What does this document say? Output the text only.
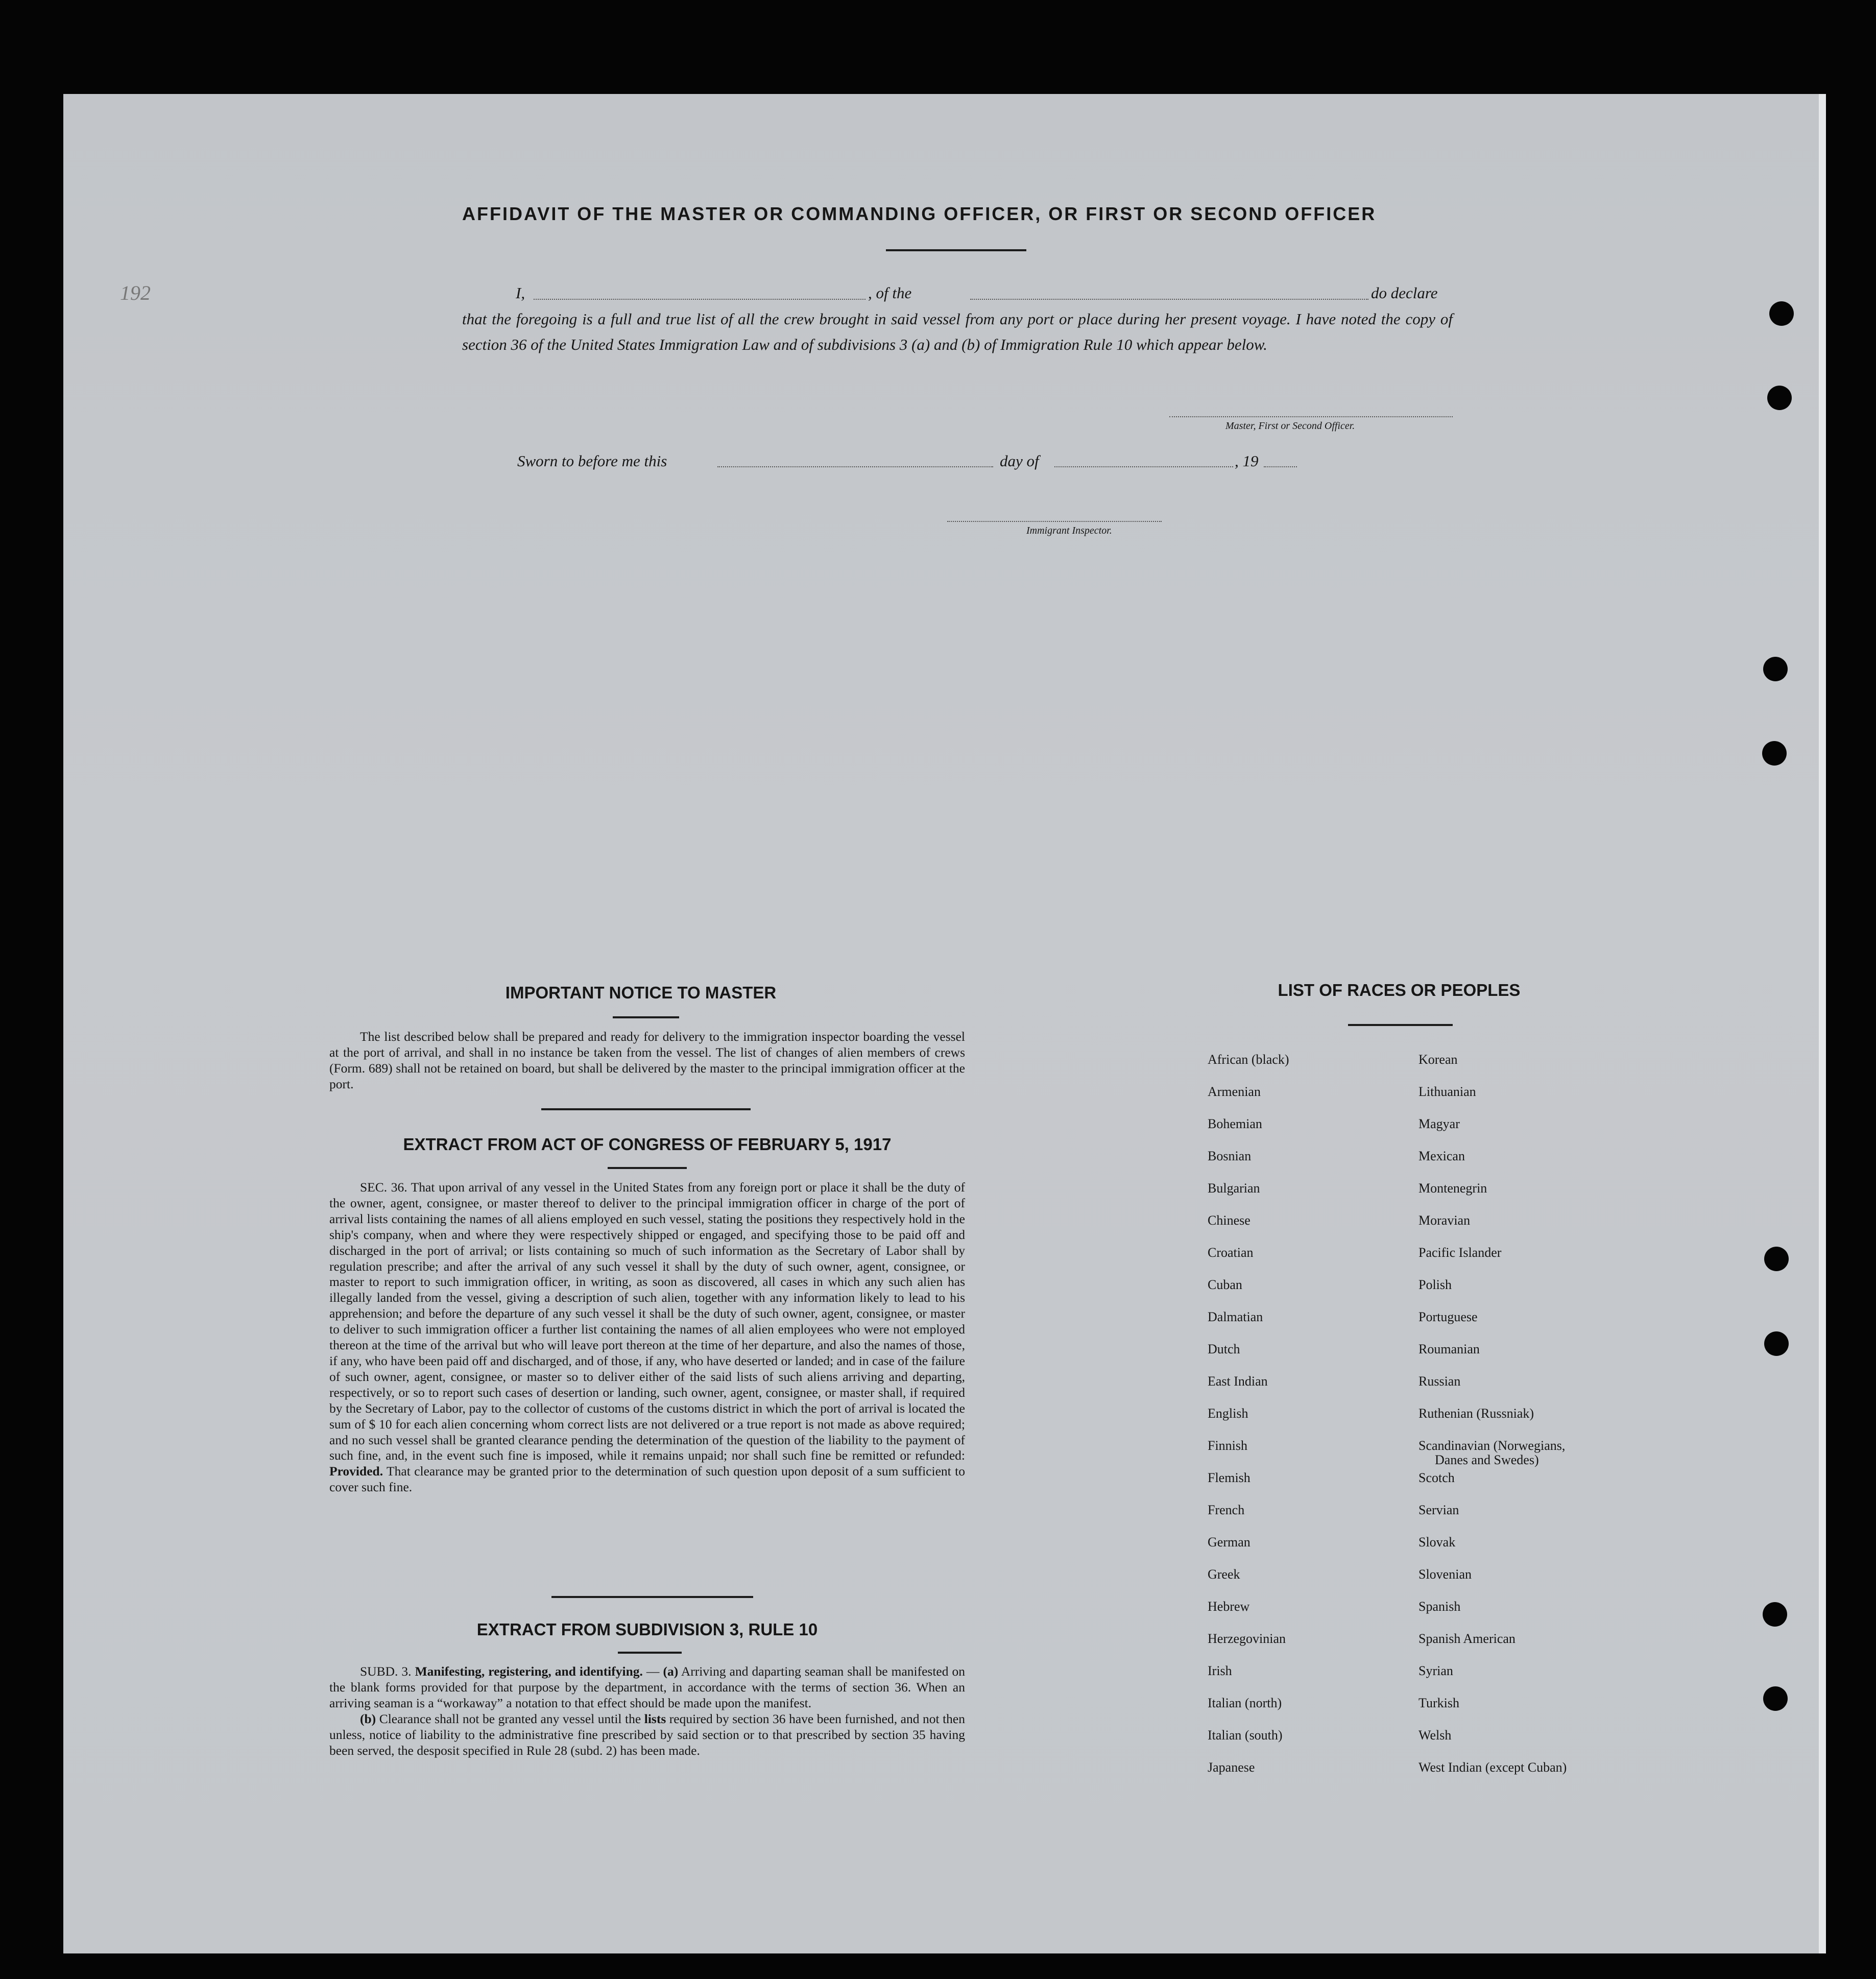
192
AFFIDAVIT OF THE MASTER OR COMMANDING OFFICER, OR FIRST OR SECOND OFFICER
I,	, of the	do declare
that the foregoing is a full and true list of all the crew brought in said vessel from any port or place during her present voyage. I have noted the copy of section 36 of the United States Immigration Law and of subdivisions 3 (a) and (b) of Immigration Rule 10 which appear below.
Master, First or Second Officer.
Sworn to before me this	day of	, 19
Immigrant Inspector.
IMPORTANT NOTICE TO MASTER

The list described below shall be prepared and ready for delivery to the immigration inspector boarding the vessel at the port of arrival, and shall in no instance be taken from the vessel. The list of changes of alien members of crews (Form. 689) shall not be retained on board, but shall be delivered by the master to the principal immigration officer at the port.

EXTRACT FROM ACT OF CONGRESS OF FEBRUARY 5, 1917

SEC. 36. That upon arrival of any vessel in the United States from any foreign port or place it shall be the duty of the owner, agent, consignee, or master thereof to deliver to the principal immigration officer in charge of the port of arrival lists containing the names of all aliens employed en such vessel, stating the positions they respectively hold in the ship's company, when and where they were respectively shipped or engaged, and specifying those to be paid off and discharged in the port of arrival; or lists containing so much of such information as the Secretary of Labor shall by regulation prescribe; and after the arrival of any such vessel it shall by the duty of such owner, agent, consignee, or master to report to such immigration officer, in writing, as soon as discovered, all cases in which any such alien has illegally landed from the vessel, giving a description of such alien, together with any information likely to lead to his apprehension; and before the departure of any such vessel it shall be the duty of such owner, agent, consignee, or master to deliver to such immigration officer a further list containing the names of all alien employees who were not employed thereon at the time of the arrival but who will leave port thereon at the time of her departure, and also the names of those, if any, who have been paid off and discharged, and of those, if any, who have deserted or landed; and in case of the failure of such owner, agent, consignee, or master so to deliver either of the said lists of such aliens arriving and departing, respectively, or so to report such cases of desertion or landing, such owner, agent, consignee, or master shall, if required by the Secretary of Labor, pay to the collector of customs of the customs district in which the port of arrival is located the sum of $ 10 for each alien concerning whom correct lists are not delivered or a true report is not made as above required; and no such vessel shall be granted clearance pending the determination of the question of the liability to the payment of such fine, and, in the event such fine is imposed, while it remains unpaid; nor shall such fine be remitted or refunded: Provided. That clearance may be granted prior to the determination of such question upon deposit of a sum sufficient to cover such fine.

EXTRACT FROM SUBDIVISION 3, RULE 10

SUBD. 3. Manifesting, registering, and identifying. — (a) Arriving and daparting seaman shall be manifested on the blank forms provided for that purpose by the department, in accordance with the terms of section 36. When an arriving seaman is a “workaway” a notation to that effect should be made upon the manifest.

(b) Clearance shall not be granted any vessel until the lists required by section 36 have been furnished, and not then unless, notice of liability to the administrative fine prescribed by said section or to that prescribed by section 35 having been served, the desposit specified in Rule 28 (subd. 2) has been made.

LIST OF RACES OR PEOPLES
African (black)
Armenian
Bohemian
Bosnian
Bulgarian
Chinese
Croatian
Cuban
Dalmatian
Dutch
East Indian
English
Finnish
Flemish
French
German
Greek
Hebrew
Herzegovinian
Irish
Italian (north)
Italian (south)
Japanese
Korean
Lithuanian
Magyar
Mexican
Montenegrin
Moravian
Pacific Islander
Polish
Portuguese
Roumanian
Russian
Ruthenian (Russniak)
Scandinavian (Norwegians,
Scotch
Servian
Slovak
Slovenian
Spanish
Spanish American
Syrian
Turkish
Welsh
West Indian (except Cuban)
Danes and Swedes)
